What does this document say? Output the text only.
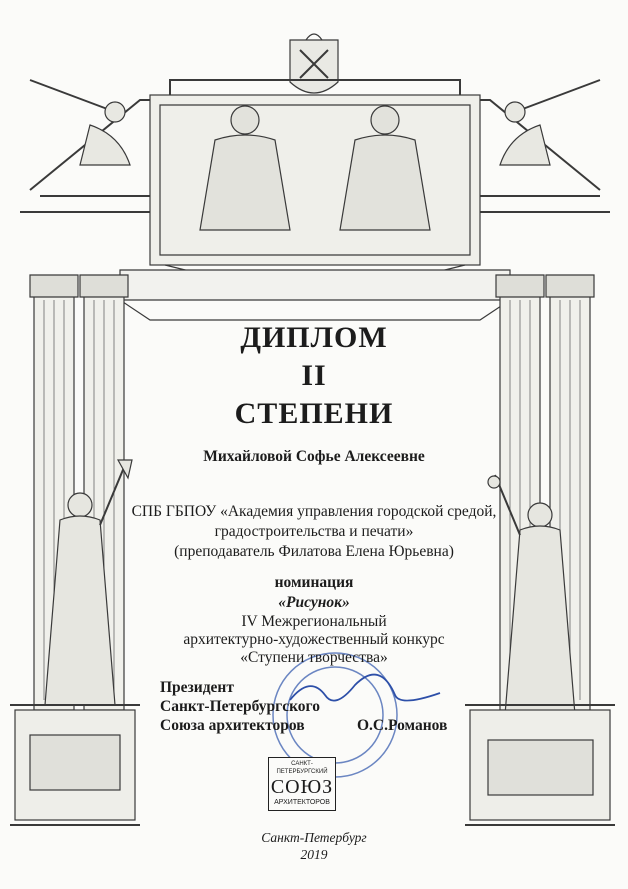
ДИПЛОМ
II
СТЕПЕНИ
Михайловой Софье Алексеевне
СПБ ГБПОУ «Академия управления городской средой,
градостроительства и печати»
(преподаватель Филатова Елена Юрьевна)
номинация
«Рисунок»
IV Межрегиональный
архитектурно-художественный конкурс
«Ступени творчества»
Президент
Санкт-Петербургского
Союза архитекторов	О.С.Романов
САНКТ-ПЕТЕРБУРГСКИЙ
СОЮЗ
АРХИТЕКТОРОВ
Санкт-Петербург
2019
